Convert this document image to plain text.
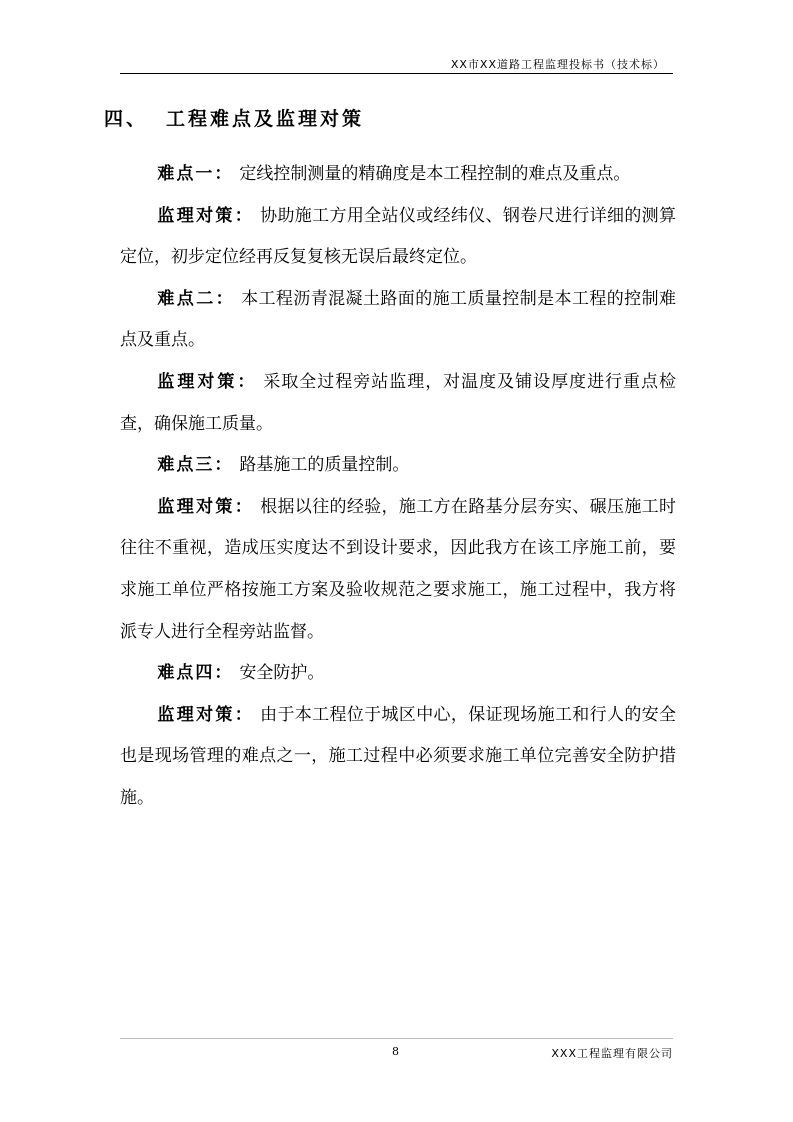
XX市XX道路工程监理投标书（技术标）
四、 工程难点及监理对策

难点一： 定线控制测量的精确度是本工程控制的难点及重点。

监理对策： 协助施工方用全站仪或经纬仪、钢卷尺进行详细的测算定位，初步定位经再反复复核无误后最终定位。

难点二： 本工程沥青混凝土路面的施工质量控制是本工程的控制难点及重点。

监理对策： 采取全过程旁站监理，对温度及铺设厚度进行重点检查，确保施工质量。

难点三： 路基施工的质量控制。

监理对策： 根据以往的经验，施工方在路基分层夯实、碾压施工时往往不重视，造成压实度达不到设计要求，因此我方在该工序施工前，要求施工单位严格按施工方案及验收规范之要求施工，施工过程中，我方将派专人进行全程旁站监督。

难点四： 安全防护。

监理对策： 由于本工程位于城区中心，保证现场施工和行人的安全也是现场管理的难点之一，施工过程中必须要求施工单位完善安全防护措施。

8	XXX工程监理有限公司
